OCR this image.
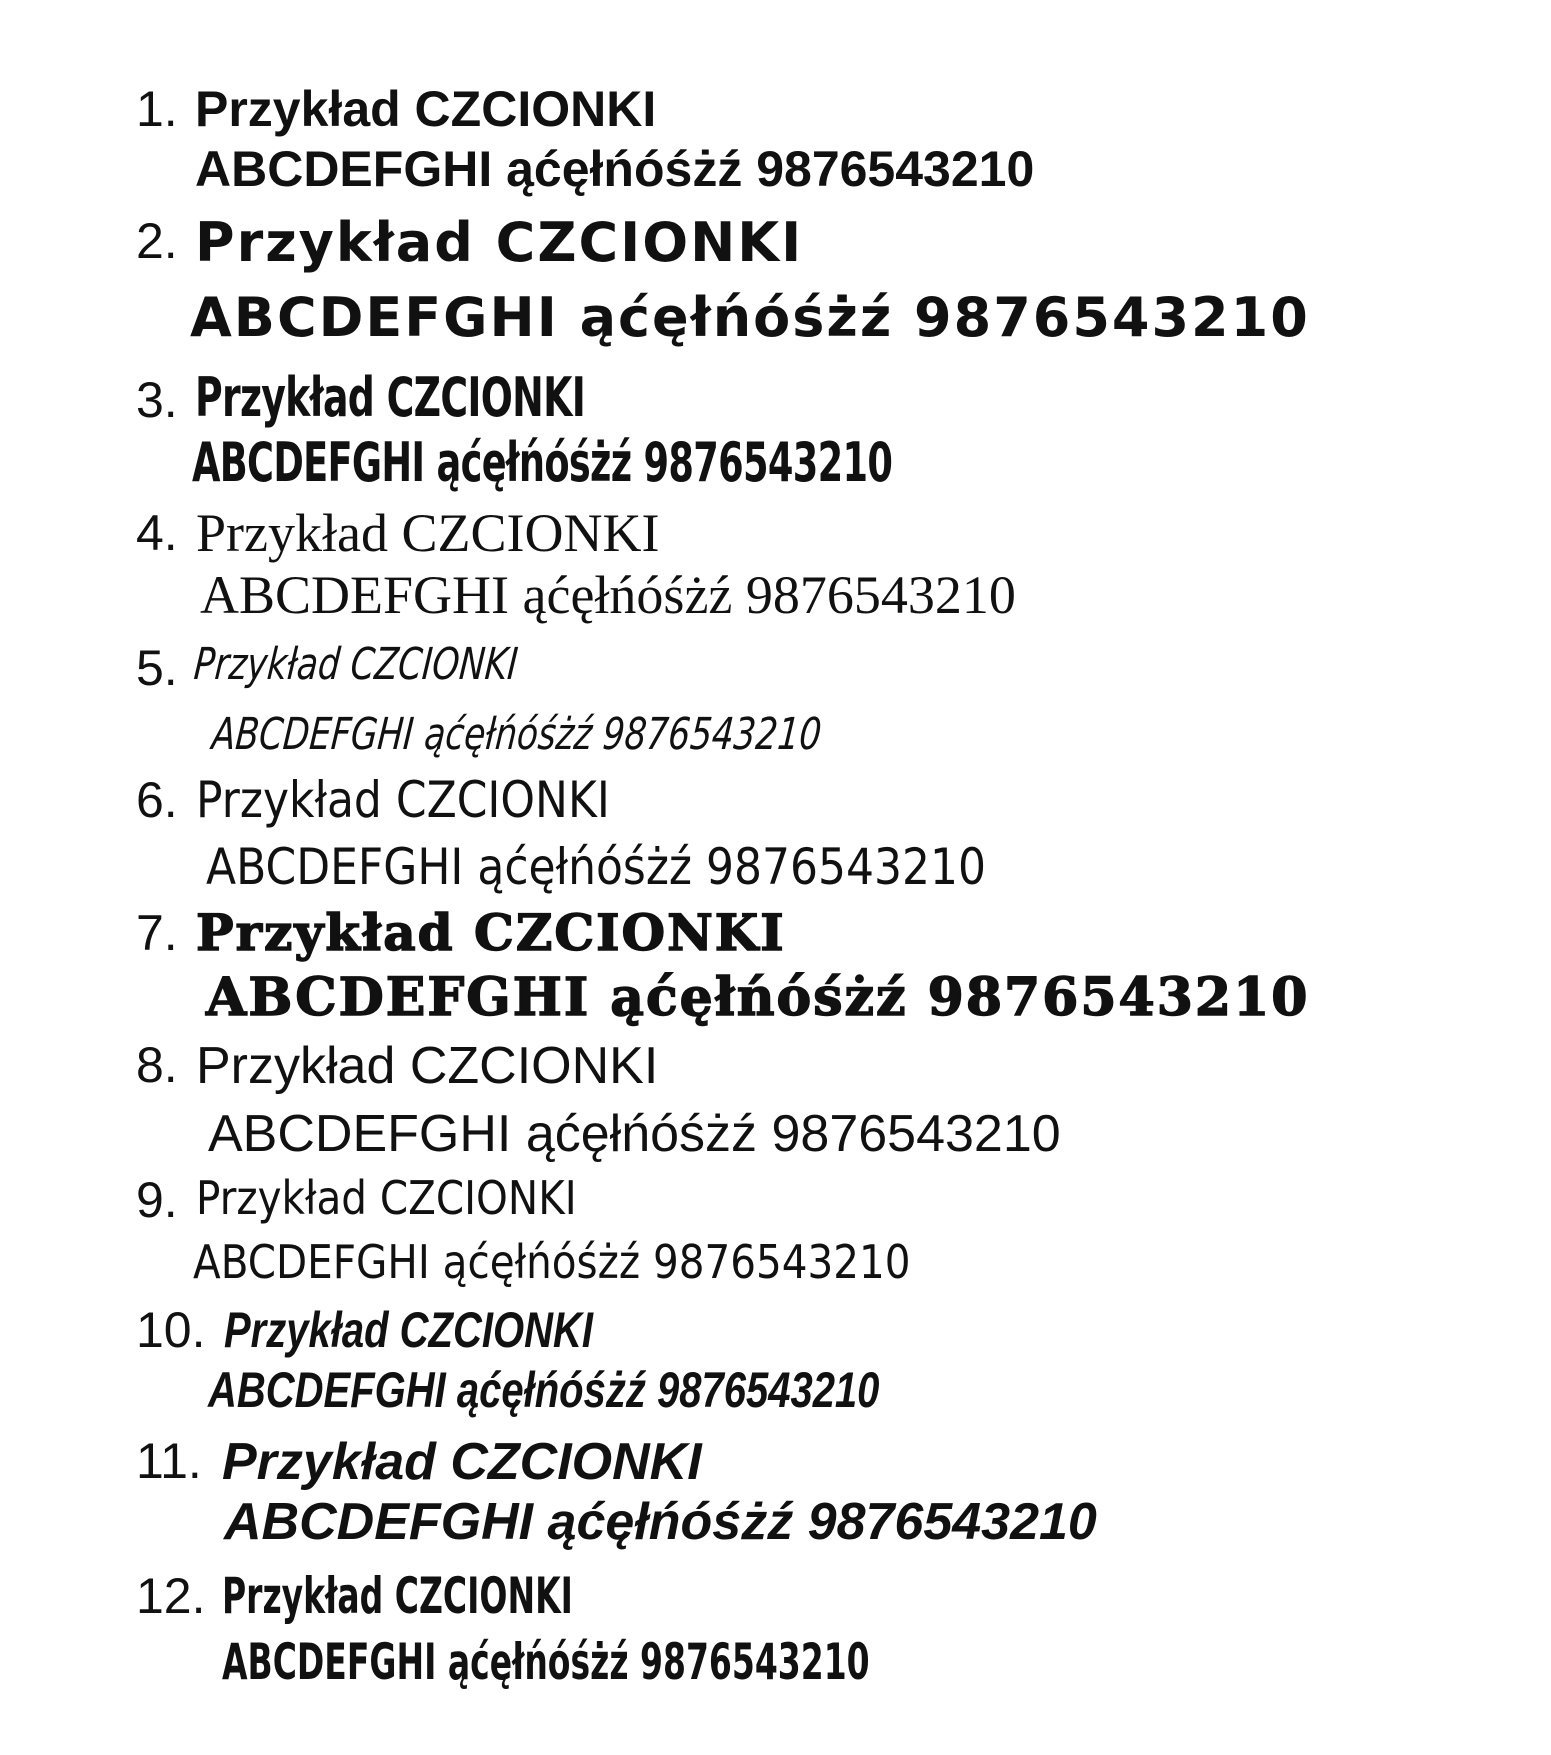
1. Przykład CZCIONKI
ABCDEFGHI ąćęłńóśżź 9876543210
2. Przykład CZCIONKI
ABCDEFGHI ąćęłńóśżź 9876543210
3. Przykład CZCIONKI
ABCDEFGHI ąćęłńóśżź 9876543210
4. Przykład CZCIONKI
ABCDEFGHI ąćęłńóśżź 9876543210
5. Przykład CZCIONKI
ABCDEFGHI ąćęłńóśżź 9876543210
6. Przykład CZCIONKI
ABCDEFGHI ąćęłńóśżź 9876543210
7. Przykład CZCIONKI
ABCDEFGHI ąćęłńóśżź 9876543210
8. Przykład CZCIONKI
ABCDEFGHI ąćęłńóśżź 9876543210
9. Przykład CZCIONKI
ABCDEFGHI ąćęłńóśżź 9876543210
10. Przykład CZCIONKI
ABCDEFGHI ąćęłńóśżź 9876543210
11. Przykład CZCIONKI
ABCDEFGHI ąćęłńóśżź 9876543210
12. Przykład CZCIONKI
ABCDEFGHI ąćęłńóśżź 9876543210
